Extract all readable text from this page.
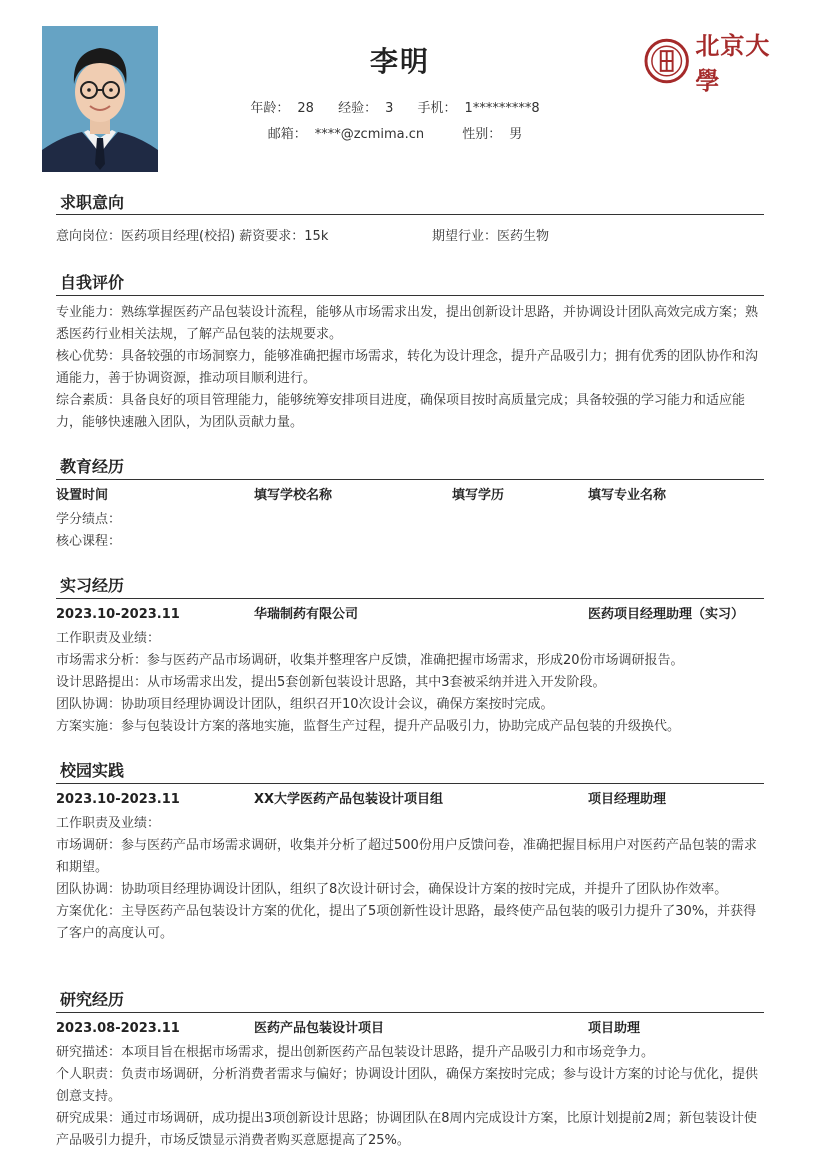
北京大學
李明
年龄： 28 经验： 3 手机： 1*********8
邮箱： ****@zcmima.cn	性别： 男
求职意向
意向岗位：医药项目经理(校招) 薪资要求：15k	期望行业：医药生物
自我评价
专业能力：熟练掌握医药产品包装设计流程，能够从市场需求出发，提出创新设计思路，并协调设计团队高效完成方案；熟悉医药行业相关法规，了解产品包装的法规要求。
核心优势：具备较强的市场洞察力，能够准确把握市场需求，转化为设计理念，提升产品吸引力；拥有优秀的团队协作和沟通能力，善于协调资源，推动项目顺利进行。
综合素质：具备良好的项目管理能力，能够统筹安排项目进度，确保项目按时高质量完成；具备较强的学习能力和适应能力，能够快速融入团队，为团队贡献力量。
教育经历
设置时间	填写学校名称	填写学历	填写专业名称
学分绩点：
核心课程：
实习经历
2023.10-2023.11	华瑞制药有限公司	医药项目经理助理（实习）
工作职责及业绩：
市场需求分析：参与医药产品市场调研，收集并整理客户反馈，准确把握市场需求，形成20份市场调研报告。
设计思路提出：从市场需求出发，提出5套创新包装设计思路，其中3套被采纳并进入开发阶段。
团队协调：协助项目经理协调设计团队，组织召开10次设计会议，确保方案按时完成。
方案实施：参与包装设计方案的落地实施，监督生产过程，提升产品吸引力，协助完成产品包装的升级换代。
校园实践
2023.10-2023.11	XX大学医药产品包装设计项目组	项目经理助理
工作职责及业绩：
市场调研：参与医药产品市场需求调研，收集并分析了超过500份用户反馈问卷，准确把握目标用户对医药产品包装的需求和期望。
团队协调：协助项目经理协调设计团队，组织了8次设计研讨会，确保设计方案的按时完成，并提升了团队协作效率。
方案优化：主导医药产品包装设计方案的优化，提出了5项创新性设计思路，最终使产品包装的吸引力提升了30%，并获得了客户的高度认可。
研究经历
2023.08-2023.11	医药产品包装设计项目	项目助理
研究描述：本项目旨在根据市场需求，提出创新医药产品包装设计思路，提升产品吸引力和市场竞争力。
个人职责：负责市场调研，分析消费者需求与偏好；协调设计团队，确保方案按时完成；参与设计方案的讨论与优化，提供创意支持。
研究成果：通过市场调研，成功提出3项创新设计思路；协调团队在8周内完成设计方案，比原计划提前2周；新包装设计使产品吸引力提升，市场反馈显示消费者购买意愿提高了25%。
